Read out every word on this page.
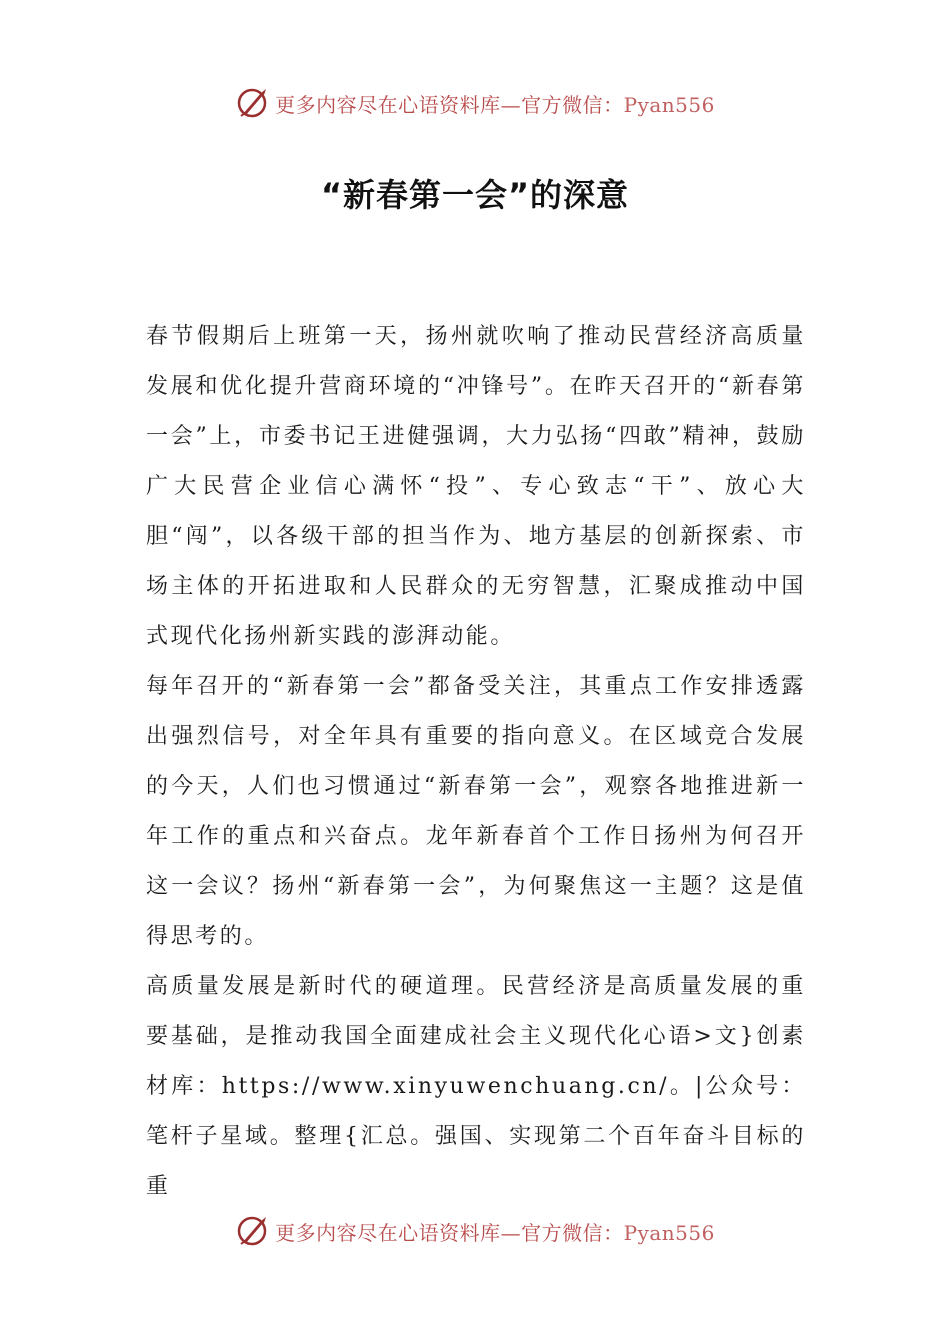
更多内容尽在心语资料库—官方微信：Pyan556
“新春第一会”的深意

春节假期后上班第一天，扬州就吹响了推动民营经济高质量发展和优化提升营商环境的“冲锋号”。在昨天召开的“新春第一会”上，市委书记王进健强调，大力弘扬“四敢”精神，鼓励广大民营企业信心满怀“投”、专心致志“干”、放心大胆“闯”，以各级干部的担当作为、地方基层的创新探索、市场主体的开拓进取和人民群众的无穷智慧，汇聚成推动中国式现代化扬州新实践的澎湃动能。

每年召开的“新春第一会”都备受关注，其重点工作安排透露出强烈信号，对全年具有重要的指向意义。在区域竞合发展的今天，人们也习惯通过“新春第一会”，观察各地推进新一年工作的重点和兴奋点。龙年新春首个工作日扬州为何召开这一会议？扬州“新春第一会”，为何聚焦这一主题？这是值得思考的。

高质量发展是新时代的硬道理。民营经济是高质量发展的重要基础，是推动我国全面建成社会主义现代化心语>文}创素材库：https://www.xinyuwenchuang.cn/。|公众号：笔杆子星域。整理{汇总。强国、实现第二个百年奋斗目标的重

更多内容尽在心语资料库—官方微信：Pyan556
